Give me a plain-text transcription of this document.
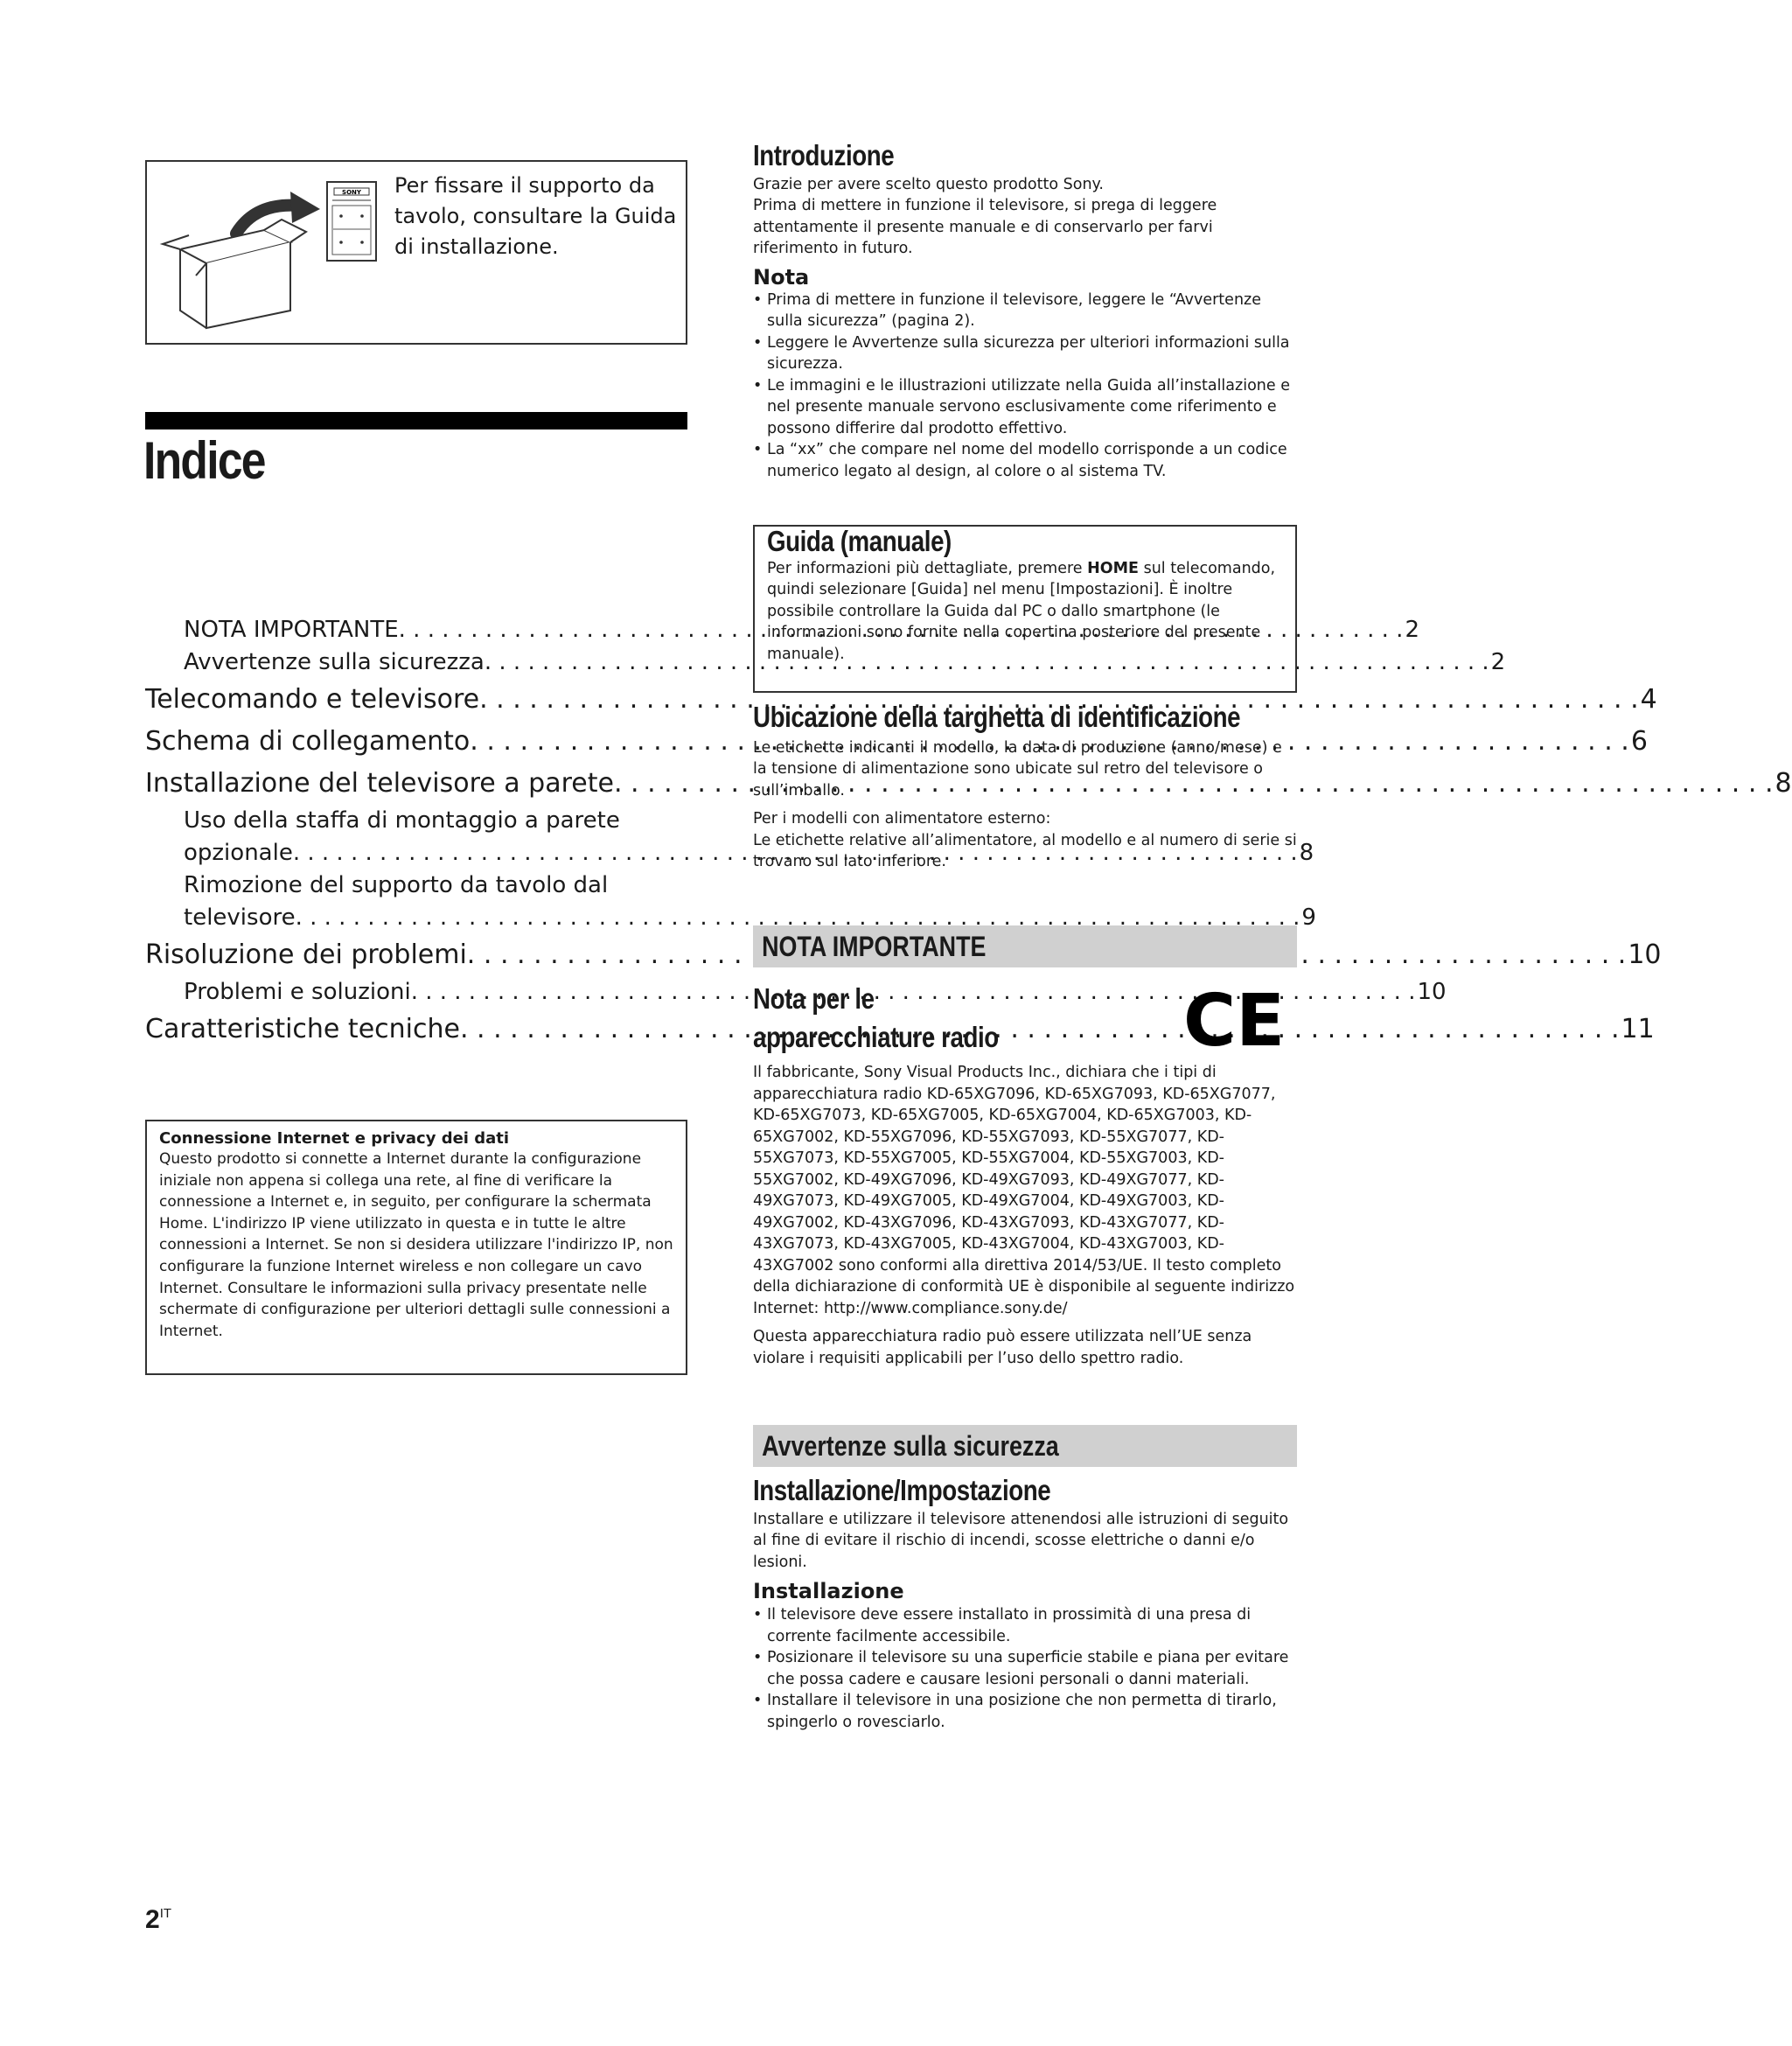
SONY Per fissare il supporto da tavolo, consultare la Guida di installazione.
Indice
NOTA IMPORTANTE . . .	2
Avvertenze sulla sicurezza . . .	2
Telecomando e televisore . . .	4
Schema di collegamento . . .	6
Installazione del televisore a parete . . .	8
Uso della staffa di montaggio a parete
opzionale . . .	8
Rimozione del supporto da tavolo dal
televisore . . .	9
Risoluzione dei problemi . . .	10
Problemi e soluzioni . . .	10
Caratteristiche tecniche . . .	11
Connessione Internet e privacy dei dati
Questo prodotto si connette a Internet durante la configurazione iniziale non appena si collega una rete, al fine di verificare la connessione a Internet e, in seguito, per configurare la schermata Home. L'indirizzo IP viene utilizzato in questa e in tutte le altre connessioni a Internet. Se non si desidera utilizzare l'indirizzo IP, non configurare la funzione Internet wireless e non collegare un cavo Internet. Consultare le informazioni sulla privacy presentate nelle schermate di configurazione per ulteriori dettagli sulle connessioni a Internet.
$2^{IT}$
Introduzione
Grazie per avere scelto questo prodotto Sony.
Prima di mettere in funzione il televisore, si prega di leggere attentamente il presente manuale e di conservarlo per farvi riferimento in futuro.
Nota
• Prima di mettere in funzione il televisore, leggere le “Avvertenze sulla sicurezza” (pagina 2).
• Leggere le Avvertenze sulla sicurezza per ulteriori informazioni sulla sicurezza.
• Le immagini e le illustrazioni utilizzate nella Guida all’installazione e nel presente manuale servono esclusivamente come riferimento e possono differire dal prodotto effettivo.
• La “xx” che compare nel nome del modello corrisponde a un codice numerico legato al design, al colore o al sistema TV.
Guida (manuale)
Per informazioni più dettagliate, premere HOME sul telecomando, quindi selezionare [Guida] nel menu [Impostazioni]. È inoltre possibile controllare la Guida dal PC o dallo smartphone (le informazioni sono fornite nella copertina posteriore del presente manuale).
Ubicazione della targhetta di identificazione
Le etichette indicanti il modello, la data di produzione (anno/mese) e la tensione di alimentazione sono ubicate sul retro del televisore o sull’imballo.
Per i modelli con alimentatore esterno:
Le etichette relative all’alimentatore, al modello e al numero di serie si trovano sul lato inferiore.
NOTA IMPORTANTE
Nota per le apparecchiature radio
Il fabbricante, Sony Visual Products Inc., dichiara che i tipi di apparecchiatura radio KD-65XG7096, KD-65XG7093, KD-65XG7077, KD-65XG7073, KD-65XG7005, KD-65XG7004, KD-65XG7003, KD-65XG7002, KD-55XG7096, KD-55XG7093, KD-55XG7077, KD-55XG7073, KD-55XG7005, KD-55XG7004, KD-55XG7003, KD-55XG7002, KD-49XG7096, KD-49XG7093, KD-49XG7077, KD-49XG7073, KD-49XG7005, KD-49XG7004, KD-49XG7003, KD-49XG7002, KD-43XG7096, KD-43XG7093, KD-43XG7077, KD-43XG7073, KD-43XG7005, KD-43XG7004, KD-43XG7003, KD-43XG7002 sono conformi alla direttiva 2014/53/UE. Il testo completo della dichiarazione di conformità UE è disponibile al seguente indirizzo Internet: http://www.compliance.sony.de/
Questa apparecchiatura radio può essere utilizzata nell’UE senza violare i requisiti applicabili per l’uso dello spettro radio.
CE
Avvertenze sulla sicurezza
Installazione/Impostazione
Installare e utilizzare il televisore attenendosi alle istruzioni di seguito al fine di evitare il rischio di incendi, scosse elettriche o danni e/o lesioni.
Installazione
• Il televisore deve essere installato in prossimità di una presa di corrente facilmente accessibile.
• Posizionare il televisore su una superficie stabile e piana per evitare che possa cadere e causare lesioni personali o danni materiali.
• Installare il televisore in una posizione che non permetta di tirarlo, spingerlo o rovesciarlo.
